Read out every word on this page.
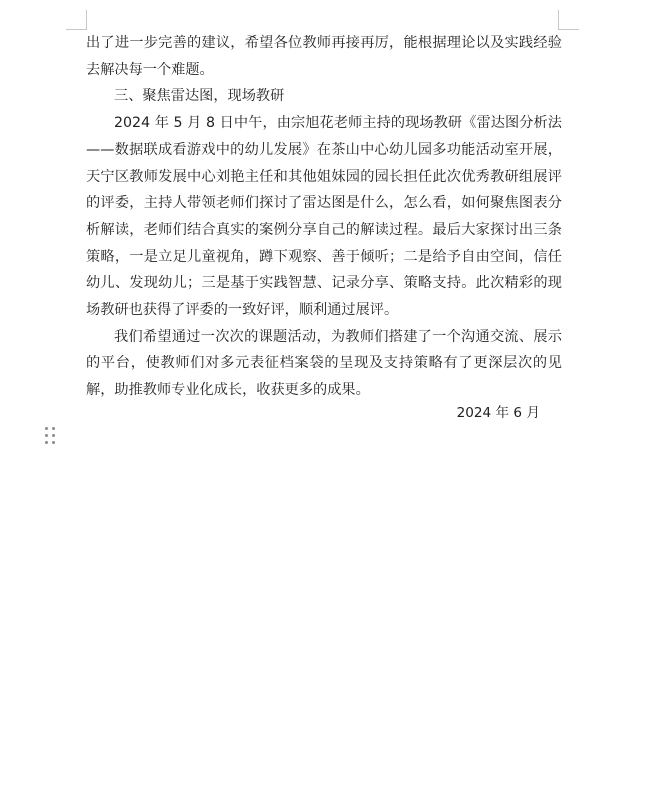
出了进一步完善的建议，希望各位教师再接再厉，能根据理论以及实践经验去解决每一个难题。

三、聚焦雷达图，现场教研

2024 年 5 月 8 日中午，由宗旭花老师主持的现场教研《雷达图分析法——数据联成看游戏中的幼儿发展》在茶山中心幼儿园多功能活动室开展，天宁区教师发展中心刘艳主任和其他姐妹园的园长担任此次优秀教研组展评的评委，主持人带领老师们探讨了雷达图是什么，怎么看，如何聚焦图表分析解读，老师们结合真实的案例分享自己的解读过程。最后大家探讨出三条策略，一是立足儿童视角，蹲下观察、善于倾听；二是给予自由空间，信任幼儿、发现幼儿；三是基于实践智慧、记录分享、策略支持。此次精彩的现场教研也获得了评委的一致好评，顺利通过展评。

我们希望通过一次次的课题活动，为教师们搭建了一个沟通交流、展示的平台，使教师们对多元表征档案袋的呈现及支持策略有了更深层次的见解，助推教师专业化成长，收获更多的成果。

2024 年 6 月
